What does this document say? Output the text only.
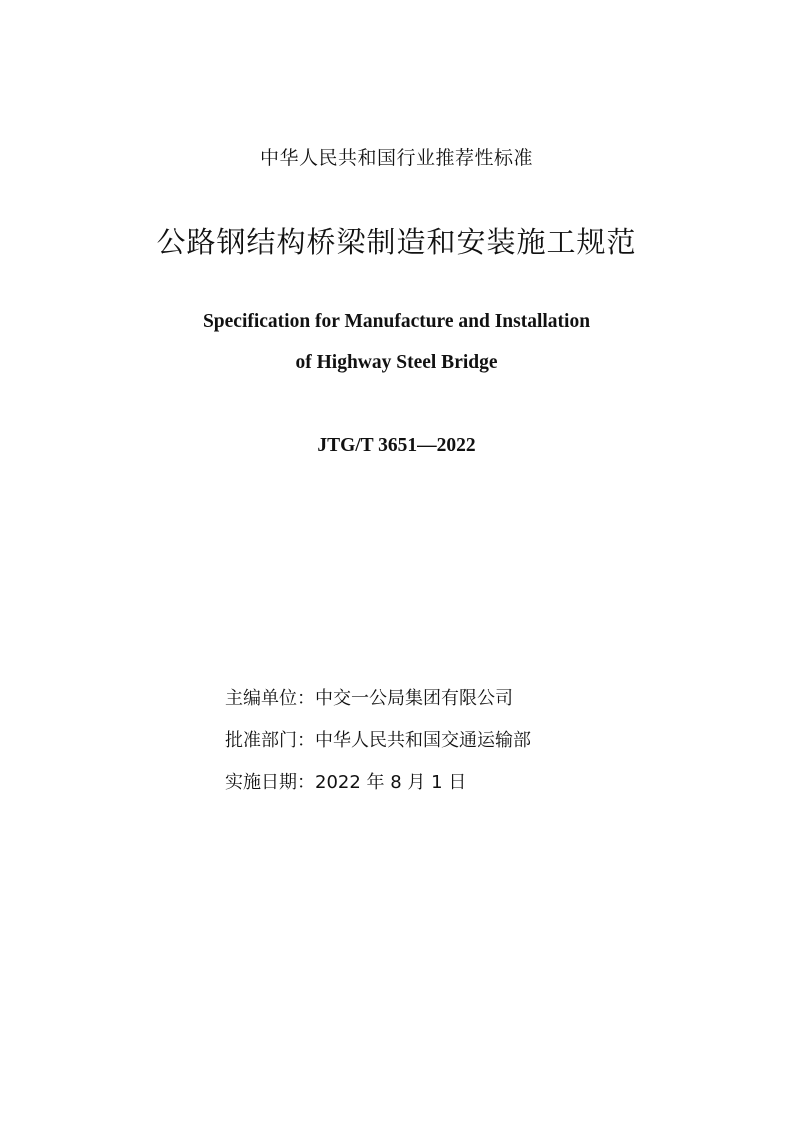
中华人民共和国行业推荐性标准
公路钢结构桥梁制造和安装施工规范
Specification for Manufacture and Installation
of Highway Steel Bridge
JTG/T 3651—2022
主编单位：中交一公局集团有限公司
批准部门：中华人民共和国交通运输部
实施日期：2022 年 8 月 1 日
